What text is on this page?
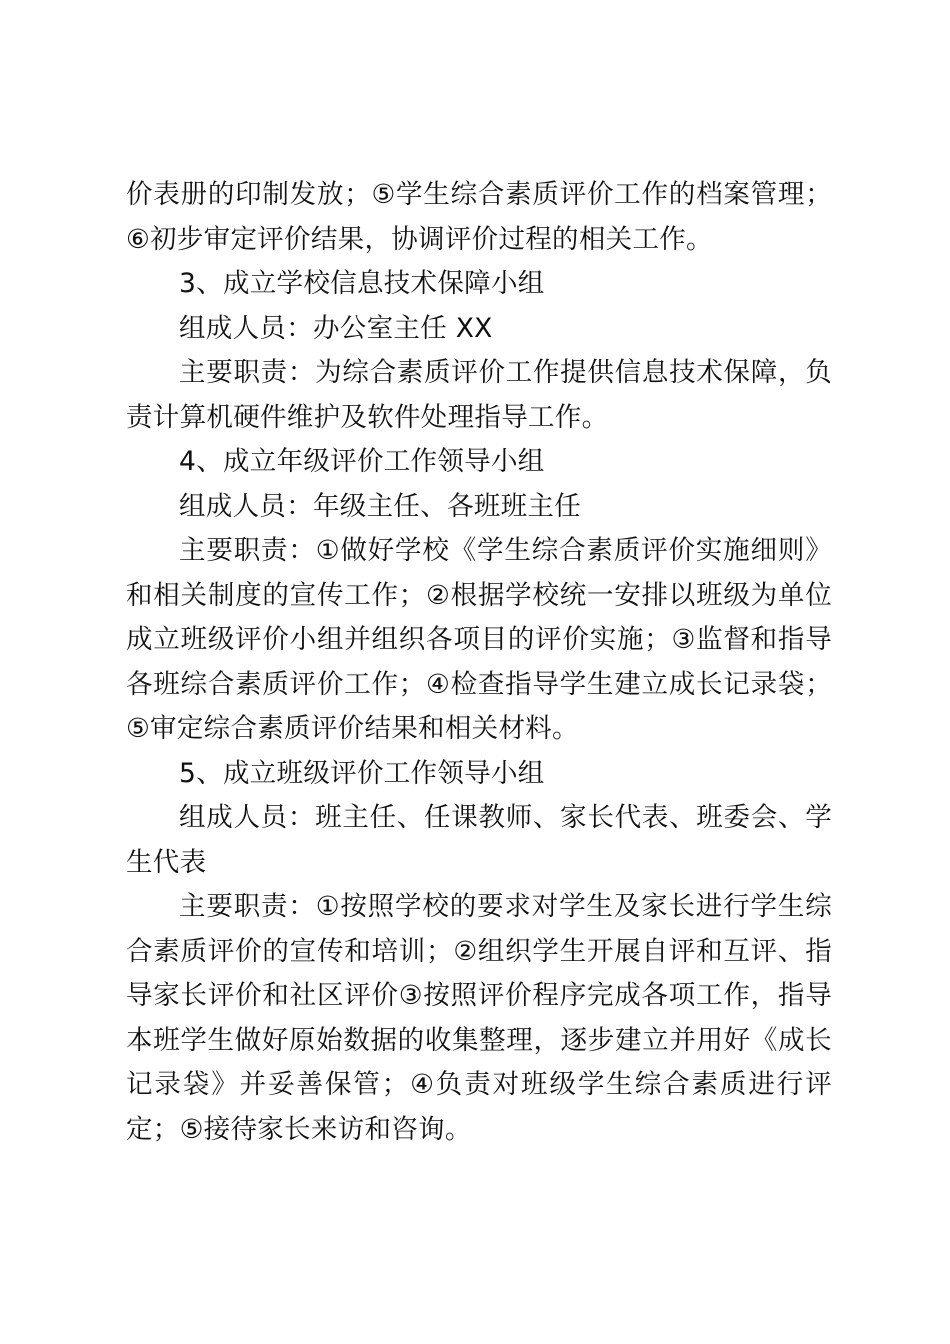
价表册的印制发放；⑤学生综合素质评价工作的档案管理；⑥初步审定评价结果，协调评价过程的相关工作。

3、成立学校信息技术保障小组

组成人员：办公室主任 XX

主要职责：为综合素质评价工作提供信息技术保障，负责计算机硬件维护及软件处理指导工作。

4、成立年级评价工作领导小组

组成人员：年级主任、各班班主任

主要职责：①做好学校《学生综合素质评价实施细则》和相关制度的宣传工作；②根据学校统一安排以班级为单位成立班级评价小组并组织各项目的评价实施；③监督和指导各班综合素质评价工作；④检查指导学生建立成长记录袋；⑤审定综合素质评价结果和相关材料。

5、成立班级评价工作领导小组

组成人员：班主任、任课教师、家长代表、班委会、学生代表

主要职责：①按照学校的要求对学生及家长进行学生综合素质评价的宣传和培训；②组织学生开展自评和互评、指导家长评价和社区评价③按照评价程序完成各项工作，指导本班学生做好原始数据的收集整理，逐步建立并用好《成长记录袋》并妥善保管；④负责对班级学生综合素质进行评定；⑤接待家长来访和咨询。
